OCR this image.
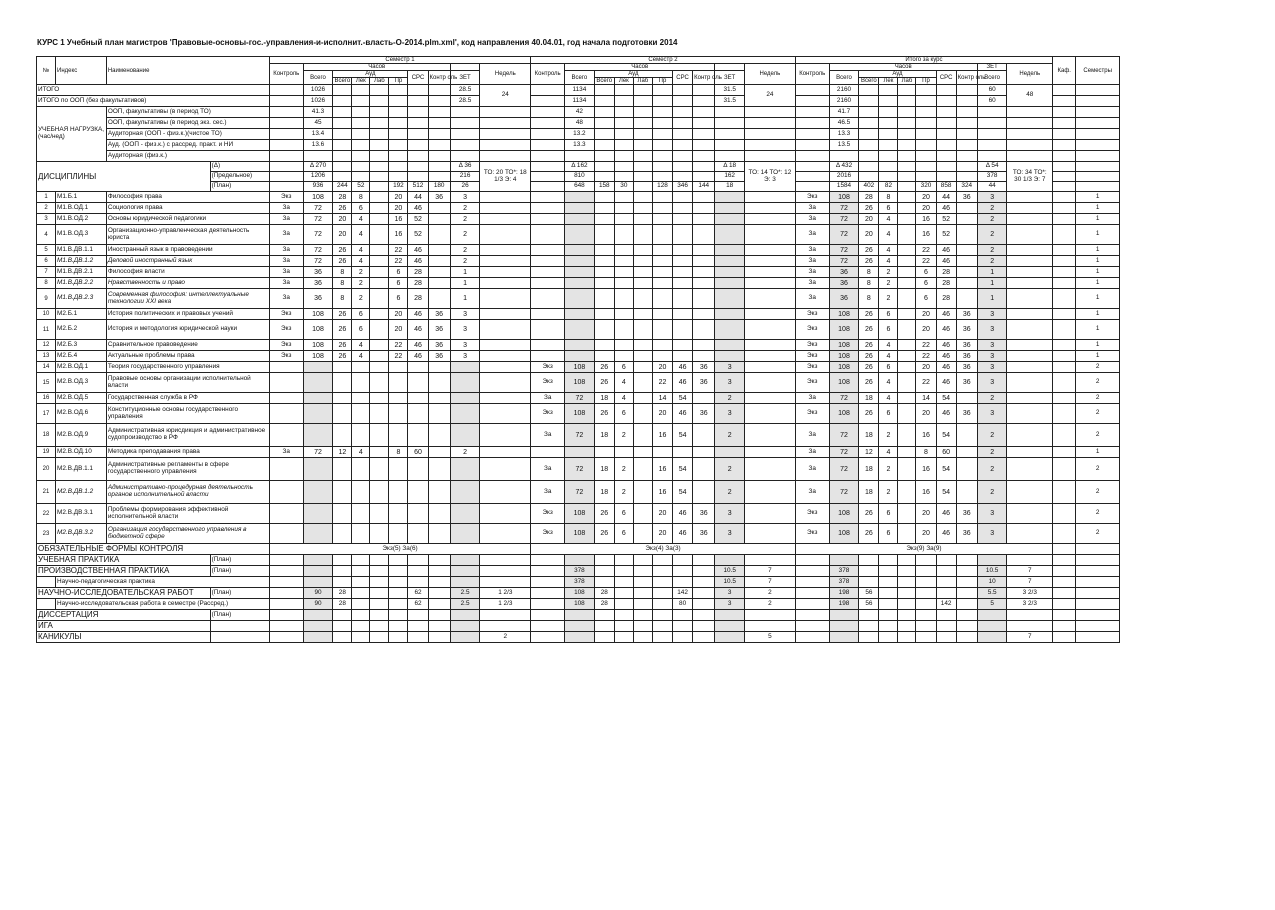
КУРС 1 Учебный план магистров 'Правовые-основы-гос.-управления-и-исполнит.-власть-О-2014.plm.xml', код направления 40.04.01, год начала подготовки 2014
№	Индекс	Наименование		Семестр 1										Семестр 2										Итого за курс										Каф.	Семестры
				Контроль	Часов								Недель	Контроль	Часов								Недель	Контроль	Часов							ЗЕТ	Недель		
					Всего	Ауд				СРС	Контр оль	ЗЕТ			Всего	Ауд				СРС	Контр оль	ЗЕТ			Всего	Ауд				СРС	Контр оль	Всего			
						Всего	Лек	Лаб	Пр							Всего	Лек	Лаб	Пр							Всего	Лек	Лаб	Пр						
ИТОГО					1026							28.5	24		1134							31.5	24		2160							60	48		
ИТОГО по ООП (без факультативов)					1026							28.5			1134							31.5			2160							60			
УЧЕБНАЯ НАГРУЗКА, (час/нед)		ООП, факультативы (в период ТО)			41.3										42										41.7										
		ООП, факультативы (в период экз. сес.)			45										48										46.5										
		Аудиторная (ООП - физ.к.)(чистое ТО)			13.4										13.2										13.3										
		Ауд. (ООП - физ.к.) с рассред. практ. и НИ			13.6										13.3										13.5										
		Аудиторная (физ.к.)																																	
ДИСЦИПЛИНЫ			(Δ)		Δ 270							Δ 36	ТО: 20 ТО*: 18 1/3 Э: 4		Δ 162							Δ 18	ТО: 14 ТО*: 12 Э: 3		Δ 432							Δ 54	ТО: 34 ТО*: 30 1/3 Э: 7		
			(Предельное)		1206							216			810							162			2016							378			
			(План)		936	244	52		192	512	180	26			648	158	30		128	346	144	18			1584	402	82		320	858	324	44			
1	М1.Б.1	Философия права		Экз	108	28	8		20	44	36	3												Экз	108	28	8		20	44	36	3			1
2	М1.В.ОД.1	Социология права		За	72	26	6		20	46		2												За	72	26	6		20	46		2			1
3	М1.В.ОД.2	Основы юридической педагогики		За	72	20	4		16	52		2												За	72	20	4		16	52		2			1
4	М1.В.ОД.3	Организационно-управленческая деятельность юриста		За	72	20	4		16	52		2												За	72	20	4		16	52		2			1
5	М1.В.ДВ.1.1	Иностранный язык в правоведении		За	72	26	4		22	46		2												За	72	26	4		22	46		2			1
6	М1.В.ДВ.1.2	Деловой иностранный язык		За	72	26	4		22	46		2												За	72	26	4		22	46		2			1
7	М1.В.ДВ.2.1	Философия власти		За	36	8	2		6	28		1												За	36	8	2		6	28		1			1
8	М1.В.ДВ.2.2	Нравственность и право		За	36	8	2		6	28		1												За	36	8	2		6	28		1			1
9	М1.В.ДВ.2.3	Современная философия: интеллектуальные технологии XXI века		За	36	8	2		6	28		1												За	36	8	2		6	28		1			1
10	М2.Б.1	История политических и правовых учений		Экз	108	26	6		20	46	36	3												Экз	108	26	6		20	46	36	3			1
11	М2.Б.2	История и методология юридической науки		Экз	108	26	6		20	46	36	3												Экз	108	26	6		20	46	36	3			1
12	М2.Б.3	Сравнительное правоведение		Экз	108	26	4		22	46	36	3												Экз	108	26	4		22	46	36	3			1
13	М2.Б.4	Актуальные проблемы права		Экз	108	26	4		22	46	36	3												Экз	108	26	4		22	46	36	3			1
14	М2.В.ОД.1	Теория государственного управления												Экз	108	26	6		20	46	36	3		Экз	108	26	6		20	46	36	3			2
15	М2.В.ОД.3	Правовые основы организации исполнительной власти												Экз	108	26	4		22	46	36	3		Экз	108	26	4		22	46	36	3			2
16	М2.В.ОД.5	Государственная служба в РФ												За	72	18	4		14	54		2		За	72	18	4		14	54		2			2
17	М2.В.ОД.6	Конституционные основы государственного управления												Экз	108	26	6		20	46	36	3		Экз	108	26	6		20	46	36	3			2
18	М2.В.ОД.9	Административная юрисдикция и административное судопроизводство в РФ												За	72	18	2		16	54		2		За	72	18	2		16	54		2			2
19	М2.В.ОД.10	Методика преподавания права		За	72	12	4		8	60		2												За	72	12	4		8	60		2			1
20	М2.В.ДВ.1.1	Административные регламенты в сфере государственного управления												За	72	18	2		16	54		2		За	72	18	2		16	54		2			2
21	М2.В.ДВ.1.2	Административно-процедурная деятельность органов исполнительной власти												За	72	18	2		16	54		2		За	72	18	2		16	54		2			2
22	М2.В.ДВ.3.1	Проблемы формирования эффективной исполнительной власти												Экз	108	26	6		20	46	36	3		Экз	108	26	6		20	46	36	3			2
23	М2.В.ДВ.3.2	Организация государственного управления в бюджетной сфере												Экз	108	26	6		20	46	36	3		Экз	108	26	6		20	46	36	3			2
ОБЯЗАТЕЛЬНЫЕ ФОРМЫ КОНТРОЛЯ				Экз(5) За(6)										Экз(4) За(3)										Экз(9) За(9)											
УЧЕБНАЯ ПРАКТИКА			(План)																																
ПРОИЗВОДСТВЕННАЯ ПРАКТИКА			(План)												378							10.5	7		378							10.5	7		
	Научно-педагогическая практика														378							10.5	7		378							10	7		
НАУЧНО-ИССЛЕДОВАТЕЛЬСКАЯ РАБОТ			(План)		90	28				62		2.5	1 2/3		108	28				142		3	2		198	56						5.5	3 2/3		
	Научно-исследовательская работа в семестре (Рассред.)				90	28				62		2.5	1 2/3		108	28				80		3	2		198	56				142		5	3 2/3		
ДИССЕРТАЦИЯ			(План)																																
ИГА																																			
КАНИКУЛЫ													2										5										7		
